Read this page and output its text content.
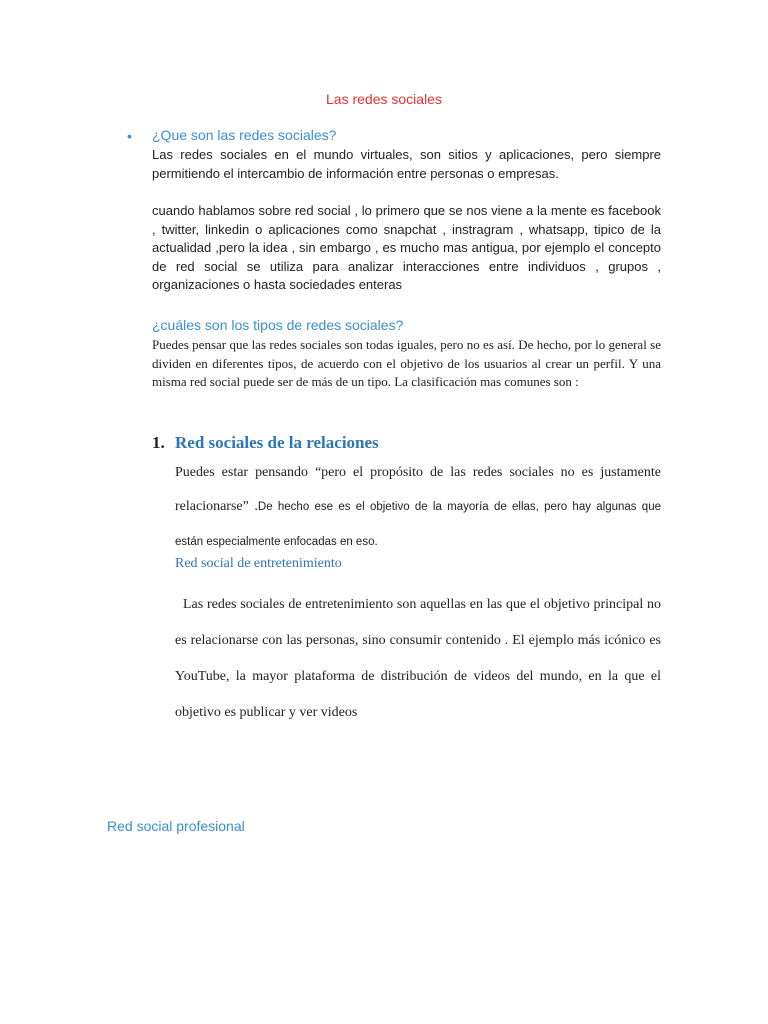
Las redes sociales
• ¿Que son las redes sociales?
Las redes sociales en el mundo virtuales, son sitios y aplicaciones, pero siempre permitiendo el intercambio de información entre personas o empresas.
cuando hablamos sobre red social , lo primero que se nos viene a la mente es facebook , twitter, linkedin o aplicaciones como snapchat , instragram , whatsapp, tipico de la actualidad ,pero la idea , sin embargo , es mucho mas antigua, por ejemplo el concepto de red social se utiliza para analizar interacciones entre individuos , grupos , organizaciones o hasta sociedades enteras
¿cuáles son los tipos de redes sociales?
Puedes pensar que las redes sociales son todas iguales, pero no es así. De hecho, por lo general se dividen en diferentes tipos, de acuerdo con el objetivo de los usuarios al crear un perfil. Y una misma red social puede ser de más de un tipo. La clasificación mas comunes son :
1. Red sociales de la relaciones
Puedes estar pensando “pero el propósito de las redes sociales no es justamente relacionarse” .De hecho ese es el objetivo de la mayoría de ellas, pero hay algunas que están especialmente enfocadas en eso.
Red social de entretenimiento
Las redes sociales de entretenimiento son aquellas en las que el objetivo principal no es relacionarse con las personas, sino consumir contenido . El ejemplo más icónico es YouTube, la mayor plataforma de distribución de videos del mundo, en la que el objetivo es publicar y ver videos
Red social profesional
